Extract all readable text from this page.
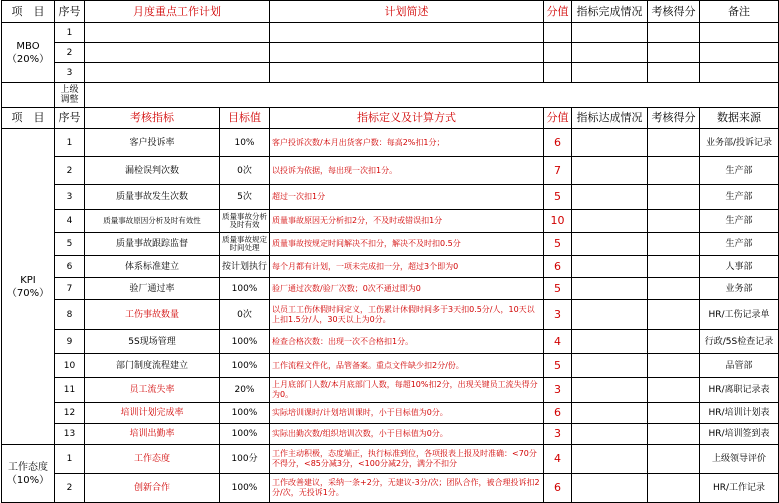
项　目	序号	月度重点工作计划		计划简述	分值	指标完成情况	考核得分	备注

MBO
（20%）	1							
	2							
	3							

	上级
调整							

项　目	序号	考核指标	目标值	指标定义及计算方式	分值	指标达成情况	考核得分	数据来源

KPI
（70%）	1	客户投诉率	10%	客户投诉次数/本月出货客户数：每高2%扣1分；	6			业务部/投诉记录
	2	漏检误判次数	0次	以投诉为依据，每出现一次扣1分。	7			生产部
	3	质量事故发生次数	5次	超过一次扣1分	5			生产部
	4	质量事故原因分析及时有效性	质量事故分析及时有效	质量事故原因无分析扣2分，不及时或错误扣1分	10			生产部
	5	质量事故跟踪监督	质量事故规定时间处理	质量事故按规定时间解决不扣分，解决不及时扣0.5分	5			生产部
	6	体系标准建立	按计划执行	每个月都有计划，一项未完成扣一分，超过3个即为0	6			人事部
	7	验厂通过率	100%	验厂通过次数/验厂次数；0次不通过即为0	5			业务部
	8	工伤事故数量	0次	以员工工伤休假时间定义，工伤累计休假时间多于3天扣0.5分/人，10天以上扣1.5分/人，30天以上为0分。	3			HR/工伤记录单
	9	5S现场管理	100%	检查合格次数：出现一次不合格扣1分。	4			行政/5S检查记录
	10	部门制度流程建立	100%	工作流程文件化，品管备案。重点文件缺少扣2分/份。	5			品管部
	11	员工流失率	20%	上月底部门人数/本月底部门人数，每超10%扣2分，出现关键员工流失得分为0。	3			HR/离职记录表
	12	培训计划完成率	100%	实际培训课时/计划培训课时，小于目标值为0分。	6			HR/培训计划表
	13	培训出勤率	100%	实际出勤次数/组织培训次数，小于目标值为0分。	3			HR/培训签到表

工作态度
（10%）	1	工作态度	100分	工作主动积极，态度端正，执行标准到位，各项报表上报及时准确：<70分不得分，<85分减3分，<100分减2分，满分不扣分	4			上级领导评价
	2	创新合作	100%	工作改善建议，采纳一条+2分，无建议-3分/次；团队合作，被合理投诉扣2分/次，无投诉1分。	6			HR/工作记录
